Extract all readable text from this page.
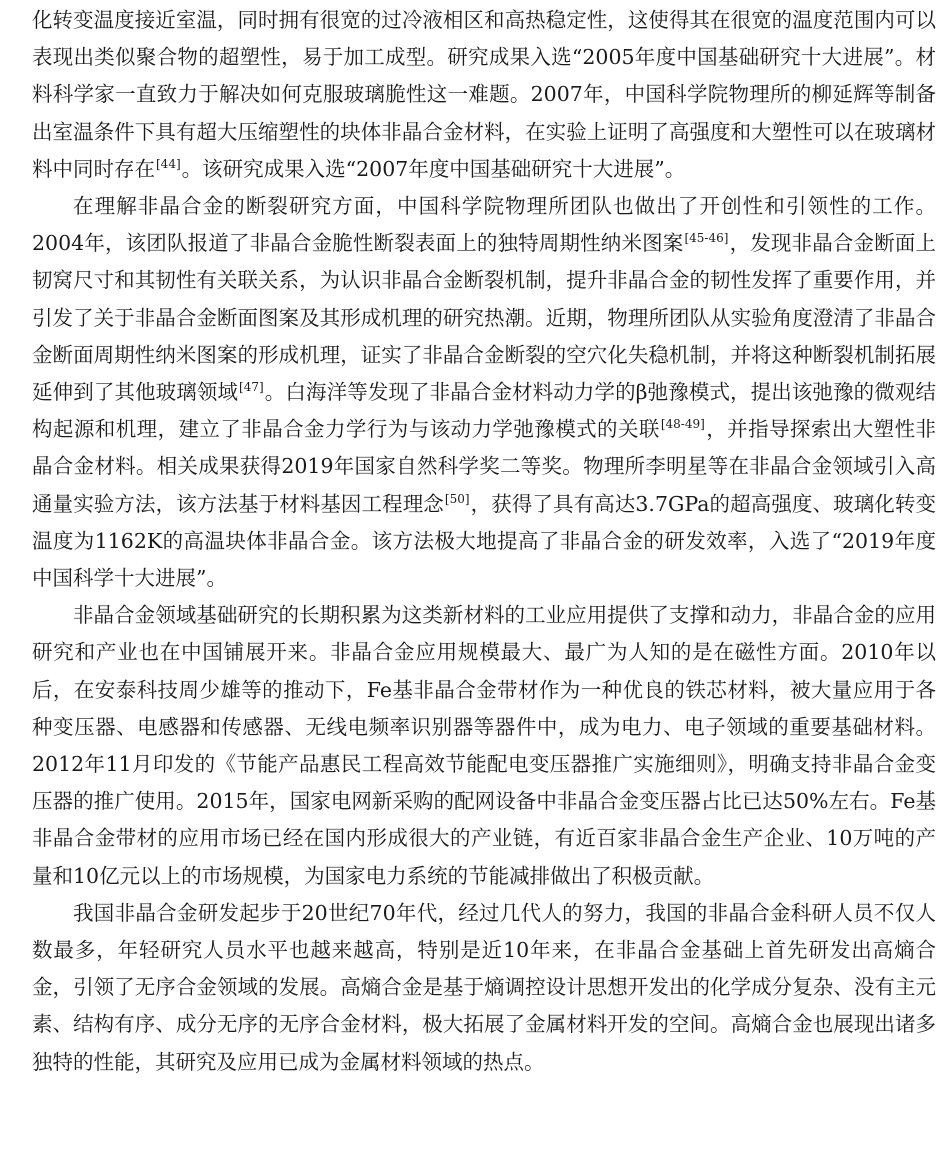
化转变温度接近室温，同时拥有很宽的过冷液相区和高热稳定性，这使得其在很宽的温度范围内可以表现出类似聚合物的超塑性，易于加工成型。研究成果入选“2005年度中国基础研究十大进展”。材料科学家一直致力于解决如何克服玻璃脆性这一难题。2007年，中国科学院物理所的柳延辉等制备出室温条件下具有超大压缩塑性的块体非晶合金材料，在实验上证明了高强度和大塑性可以在玻璃材料中同时存在[44]。该研究成果入选“2007年度中国基础研究十大进展”。

在理解非晶合金的断裂研究方面，中国科学院物理所团队也做出了开创性和引领性的工作。2004年，该团队报道了非晶合金脆性断裂表面上的独特周期性纳米图案[45-46]，发现非晶合金断面上韧窝尺寸和其韧性有关联关系，为认识非晶合金断裂机制，提升非晶合金的韧性发挥了重要作用，并引发了关于非晶合金断面图案及其形成机理的研究热潮。近期，物理所团队从实验角度澄清了非晶合金断面周期性纳米图案的形成机理，证实了非晶合金断裂的空穴化失稳机制，并将这种断裂机制拓展延伸到了其他玻璃领域[47]。白海洋等发现了非晶合金材料动力学的β弛豫模式，提出该弛豫的微观结构起源和机理，建立了非晶合金力学行为与该动力学弛豫模式的关联[48-49]，并指导探索出大塑性非晶合金材料。相关成果获得2019年国家自然科学奖二等奖。物理所李明星等在非晶合金领域引入高通量实验方法，该方法基于材料基因工程理念[50]，获得了具有高达3.7GPa的超高强度、玻璃化转变温度为1162K的高温块体非晶合金。该方法极大地提高了非晶合金的研发效率，入选了“2019年度中国科学十大进展”。

非晶合金领域基础研究的长期积累为这类新材料的工业应用提供了支撑和动力，非晶合金的应用研究和产业也在中国铺展开来。非晶合金应用规模最大、最广为人知的是在磁性方面。2010年以后，在安泰科技周少雄等的推动下，Fe基非晶合金带材作为一种优良的铁芯材料，被大量应用于各种变压器、电感器和传感器、无线电频率识别器等器件中，成为电力、电子领域的重要基础材料。2012年11月印发的《节能产品惠民工程高效节能配电变压器推广实施细则》，明确支持非晶合金变压器的推广使用。2015年，国家电网新采购的配网设备中非晶合金变压器占比已达50%左右。Fe基非晶合金带材的应用市场已经在国内形成很大的产业链，有近百家非晶合金生产企业、10万吨的产量和10亿元以上的市场规模，为国家电力系统的节能减排做出了积极贡献。

我国非晶合金研发起步于20世纪70年代，经过几代人的努力，我国的非晶合金科研人员不仅人数最多，年轻研究人员水平也越来越高，特别是近10年来，在非晶合金基础上首先研发出高熵合金，引领了无序合金领域的发展。高熵合金是基于熵调控设计思想开发出的化学成分复杂、没有主元素、结构有序、成分无序的无序合金材料，极大拓展了金属材料开发的空间。高熵合金也展现出诸多独特的性能，其研究及应用已成为金属材料领域的热点。
